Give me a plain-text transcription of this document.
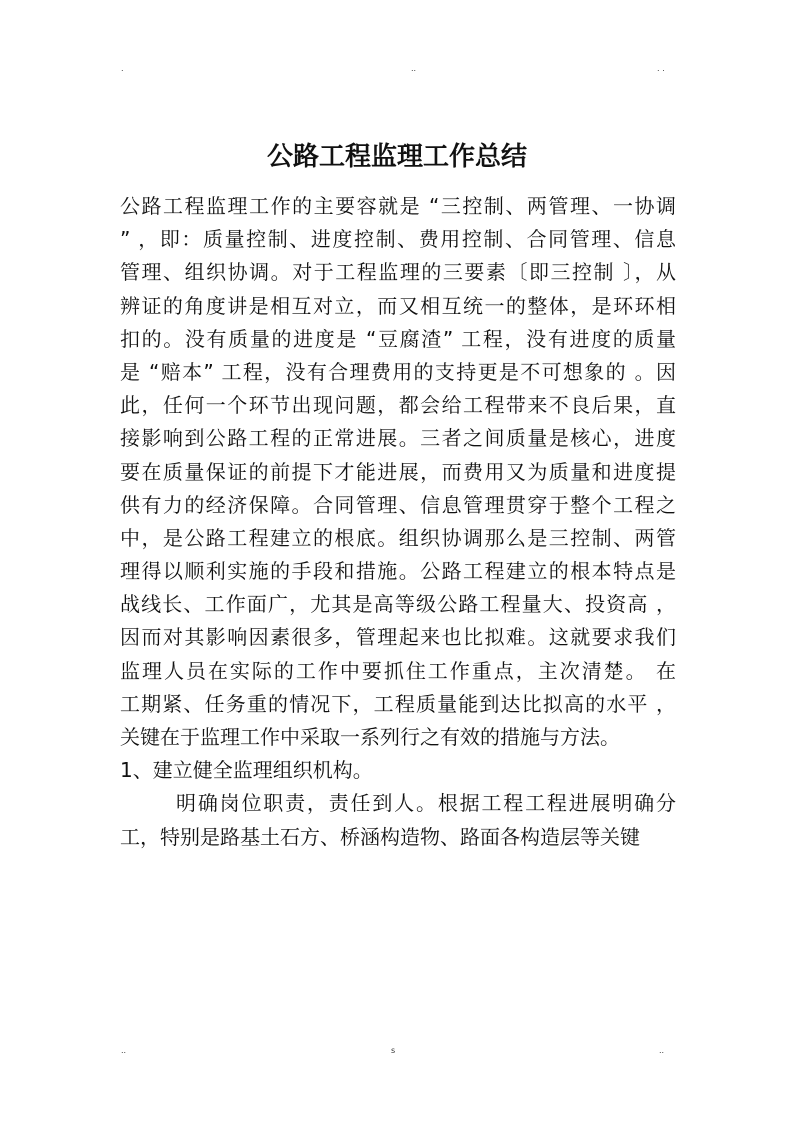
.	..	. .
公路工程监理工作总结
公路工程监理工作的主要容就是 “三控制、两管理、一协调
” ，即：质量控制、进度控制、费用控制、合同管理、信息
管理、组织协调。对于工程监理的三要素〔即三控制 〕，从
辨证的角度讲是相互对立，而又相互统一的整体，是环环相
扣的。没有质量的进度是 “豆腐渣” 工程，没有进度的质量
是 “赔本” 工程，没有合理费用的支持更是不可想象的 。因
此，任何一个环节出现问题，都会给工程带来不良后果，直
接影响到公路工程的正常进展。三者之间质量是核心，进度
要在质量保证的前提下才能进展，而费用又为质量和进度提
供有力的经济保障。合同管理、信息管理贯穿于整个工程之
中，是公路工程建立的根底。组织协调那么是三控制、两管
理得以顺利实施的手段和措施。公路工程建立的根本特点是
战线长、工作面广，尤其是高等级公路工程量大、投资高 ，
因而对其影响因素很多，管理起来也比拟难。这就要求我们
监理人员在实际的工作中要抓住工作重点，主次清楚。 在
工期紧、任务重的情况下，工程质量能到达比拟高的水平 ，
关键在于监理工作中采取一系列行之有效的措施与方法。
1、建立健全监理组织机构。
明确岗位职责，责任到人。根据工程工程进展明确分
工，特别是路基土石方、桥涵构造物、路面各构造层等关键
..	s	..
